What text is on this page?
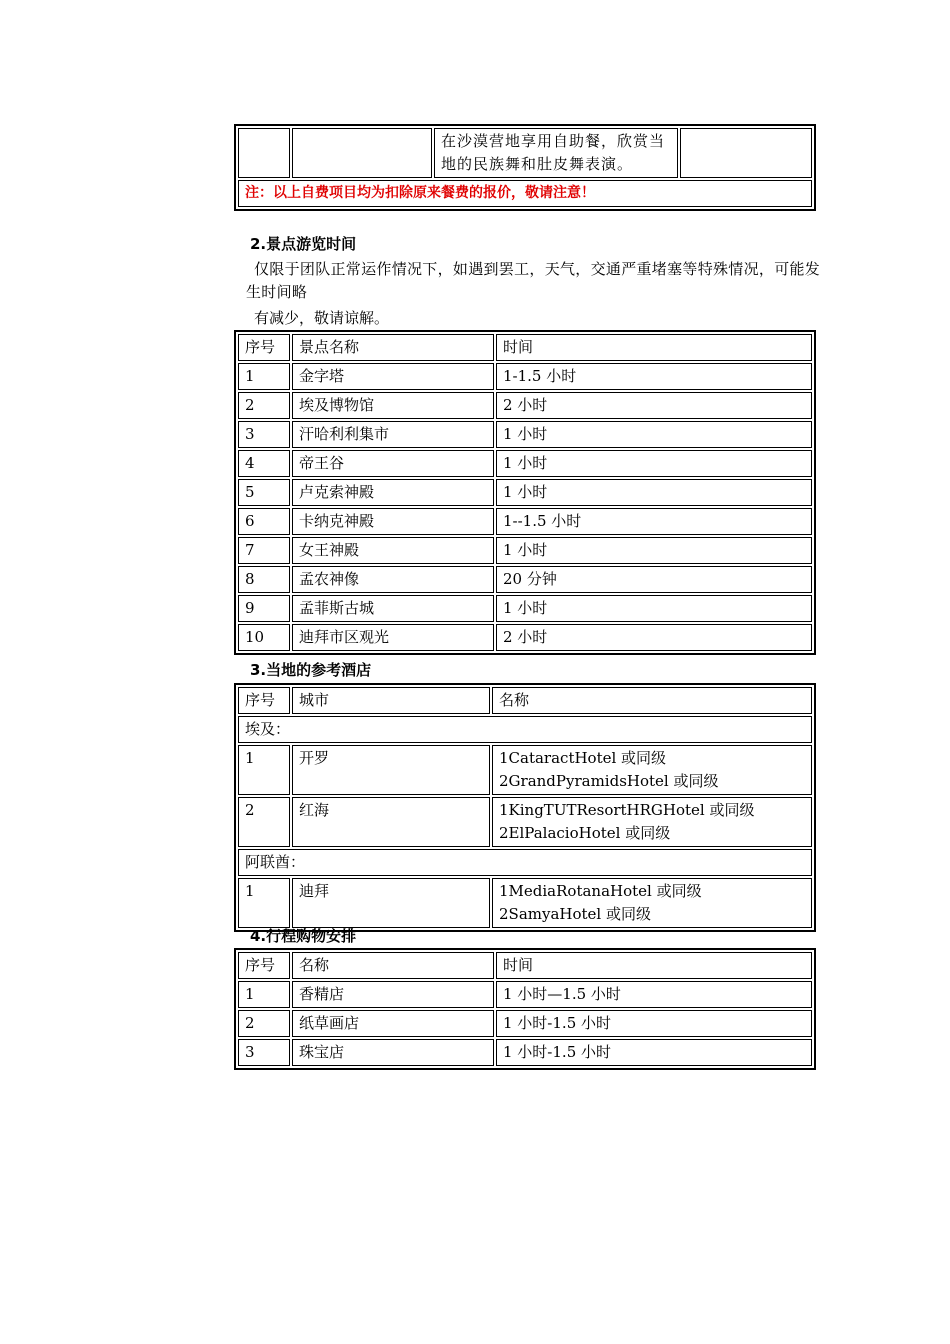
		在沙漠营地享用自助餐，欣赏当地的民族舞和肚皮舞表演。	
注：以上自费项目均为扣除原来餐费的报价，敬请注意！
2.景点游览时间
仅限于团队正常运作情况下，如遇到罢工，天气，交通严重堵塞等特殊情况，可能发生时间略
有减少，敬请谅解。
序号	景点名称	时间
1	金字塔	1-1.5 小时
2	埃及博物馆	2 小时
3	汗哈利利集市	1 小时
4	帝王谷	1 小时
5	卢克索神殿	1 小时
6	卡纳克神殿	1--1.5 小时
7	女王神殿	1 小时
8	孟农神像	20 分钟
9	孟菲斯古城	1 小时
10	迪拜市区观光	2 小时
3.当地的参考酒店
序号	城市	名称
埃及：		
1	开罗	1CataractHotel 或同级
2GrandPyramidsHotel 或同级

2	红海	1KingTUTResortHRGHotel 或同级
2ElPalacioHotel 或同级

阿联酋：		
1	迪拜	1MediaRotanaHotel 或同级
2SamyaHotel 或同级
4.行程购物安排
序号	名称	时间
1	香精店	1 小时—1.5 小时
2	纸草画店	1 小时-1.5 小时
3	珠宝店	1 小时-1.5 小时
